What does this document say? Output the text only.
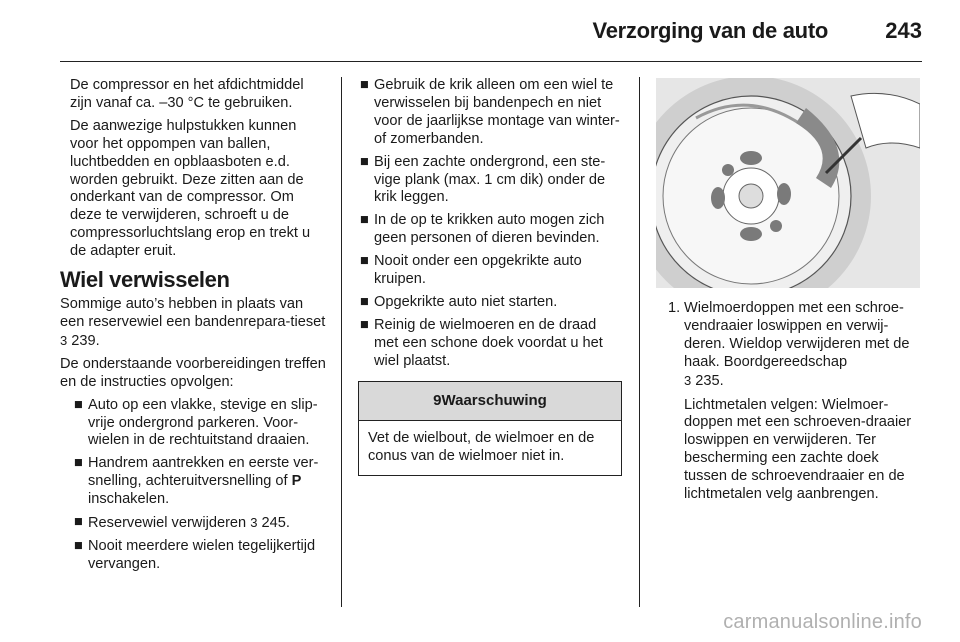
Verzorging van de auto	243

De compressor en het afdichtmiddel zijn vanaf ca. –30 °C te gebruiken.

De aanwezige hulpstukken kunnen voor het oppompen van ballen, luchtbedden en opblaasboten e.d. worden gebruikt. Deze zitten aan de onderkant van de compressor. Om deze te verwijderen, schroeft u de compressorluchtslang erop en trekt u de adapter eruit.

Wiel verwisselen

Sommige auto’s hebben in plaats van een reservewiel een bandenrepara-tieset 3 239.

De onderstaande voorbereidingen treffen en de instructies opvolgen:

■ Auto op een vlakke, stevige en slip-vrije ondergrond parkeren. Voor-wielen in de rechtuitstand draaien.
■ Handrem aantrekken en eerste ver-snelling, achteruitversnelling of P inschakelen.
■ Reservewiel verwijderen 3 245.
■ Nooit meerdere wielen tegelijkertijd vervangen.
■ Gebruik de krik alleen om een wiel te verwisselen bij bandenpech en niet voor de jaarlijkse montage van winter- of zomerbanden.
■ Bij een zachte ondergrond, een ste-vige plank (max. 1 cm dik) onder de krik leggen.
■ In de op te krikken auto mogen zich geen personen of dieren bevinden.
■ Nooit onder een opgekrikte auto kruipen.
■ Opgekrikte auto niet starten.
■ Reinig de wielmoeren en de draad met een schone doek voordat u het wiel plaatst.
9Waarschuwing
Vet de wielbout, de wielmoer en de conus van de wielmoer niet in.
1. Wielmoerdoppen met een schroe-vendraaier loswippen en verwij-deren. Wieldop verwijderen met de haak. Boordgereedschap
3 235.

Lichtmetalen velgen: Wielmoer-doppen met een schroeven-draaier loswippen en verwijderen. Ter bescherming een zachte doek tussen de schroevendraaier en de lichtmetalen velg aanbrengen.

carmanualsonline.info
